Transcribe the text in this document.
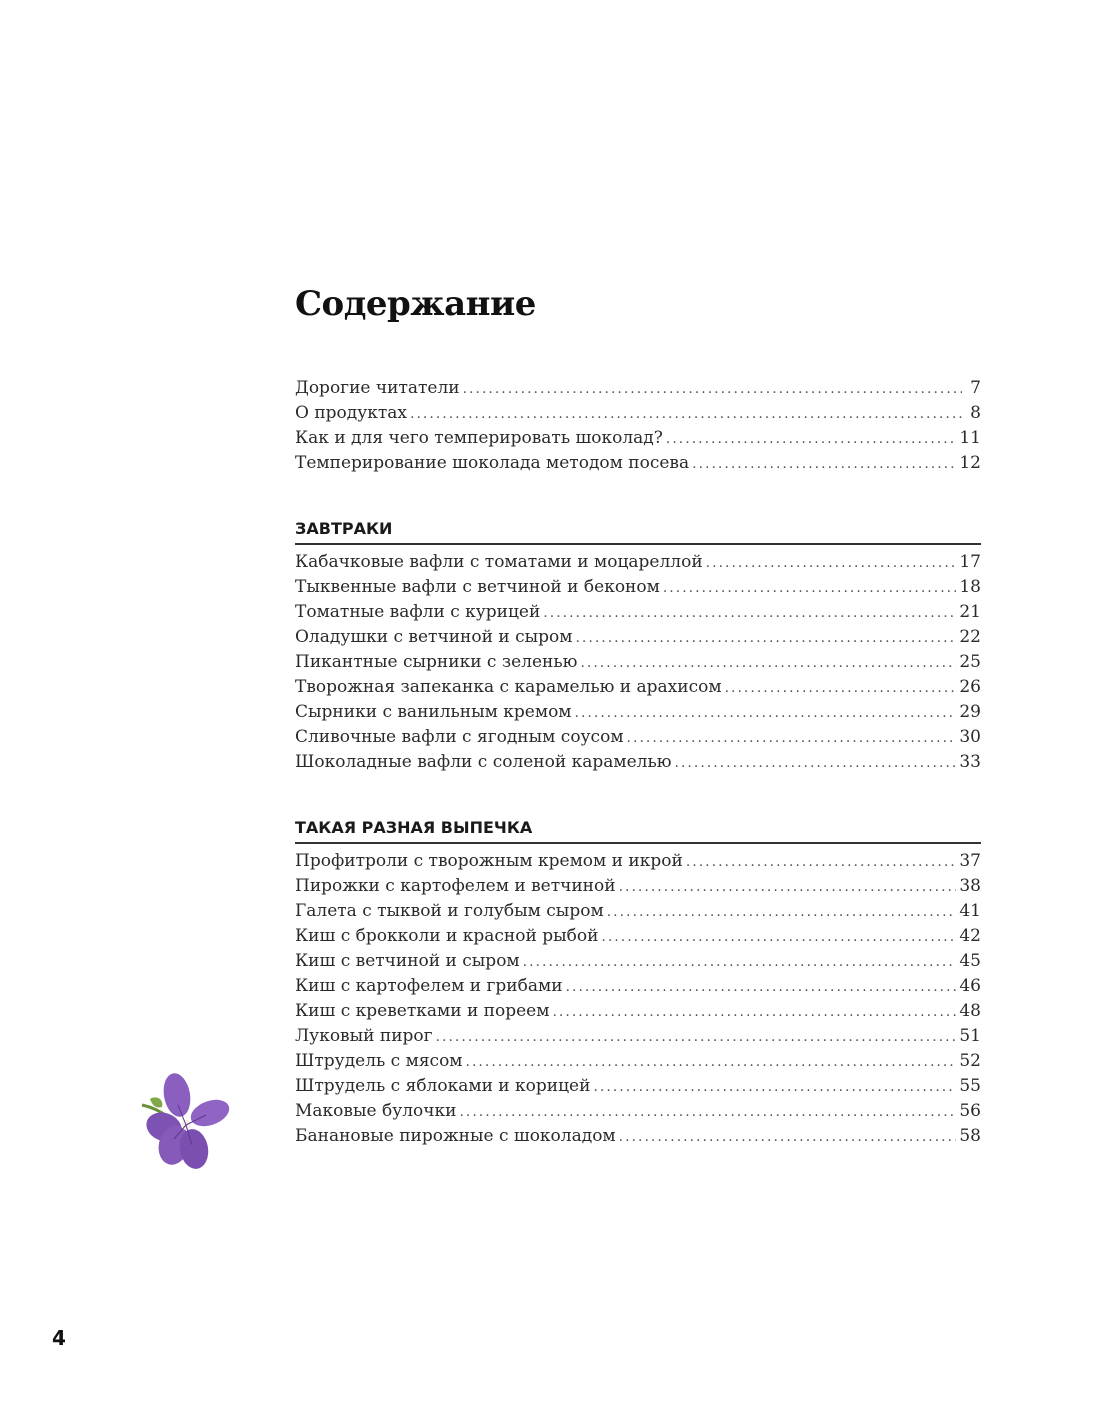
Содержание
Дорогие читатели .....	7
О продуктах .....	8
Как и для чего темперировать шоколад? .....	11
Темперирование шоколада методом посева .....	12
ЗАВТРАКИ
Кабачковые вафли с томатами и моцареллой .....	17
Тыквенные вафли с ветчиной и беконом .....	18
Томатные вафли с курицей .....	21
Оладушки с ветчиной и сыром .....	22
Пикантные сырники с зеленью .....	25
Творожная запеканка с карамелью и арахисом .....	26
Сырники с ванильным кремом .....	29
Сливочные вафли с ягодным соусом .....	30
Шоколадные вафли с соленой карамелью .....	33
ТАКАЯ РАЗНАЯ ВЫПЕЧКА
Профитроли с творожным кремом и икрой .....	37
Пирожки с картофелем и ветчиной .....	38
Галета с тыквой и голубым сыром .....	41
Киш с брокколи и красной рыбой .....	42
Киш с ветчиной и сыром .....	45
Киш с картофелем и грибами .....	46
Киш с креветками и пореем .....	48
Луковый пирог .....	51
Штрудель с мясом .....	52
Штрудель с яблоками и корицей .....	55
Маковые булочки .....	56
Банановые пирожные с шоколадом .....	58
4
